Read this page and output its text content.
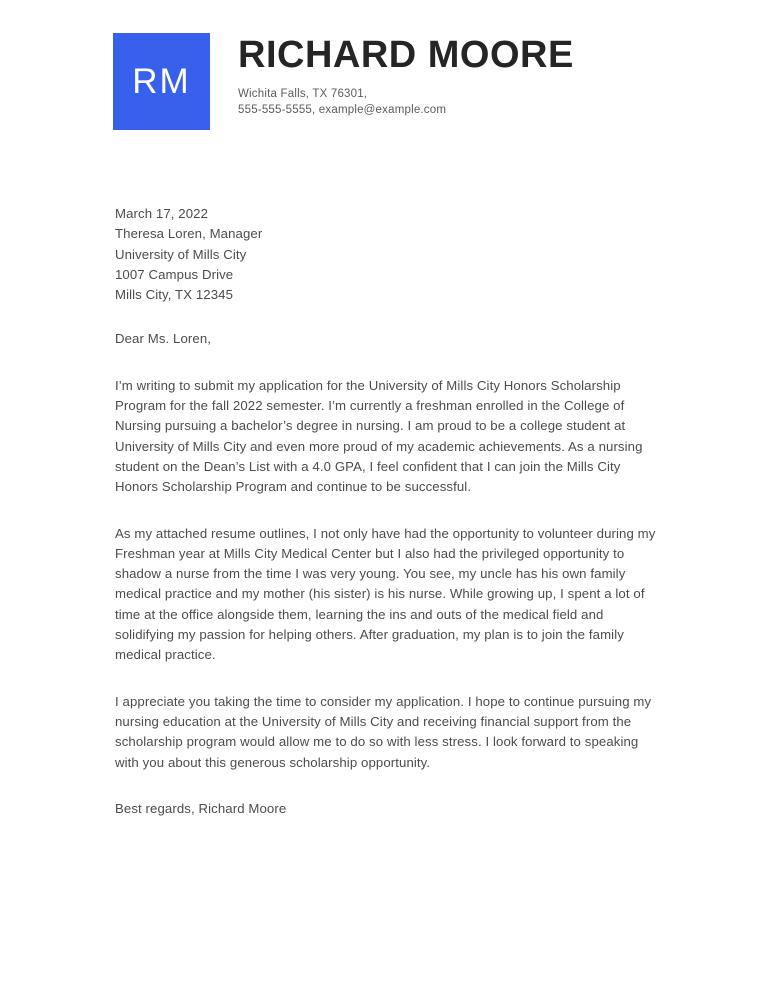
RM
RICHARD MOORE
Wichita Falls, TX 76301,
555-555-5555, example@example.com
March 17, 2022
Theresa Loren, Manager
University of Mills City
1007 Campus Drive
Mills City, TX 12345
Dear Ms. Loren,

I’m writing to submit my application for the University of Mills City Honors Scholarship Program for the fall 2022 semester. I’m currently a freshman enrolled in the College of Nursing pursuing a bachelor’s degree in nursing. I am proud to be a college student at University of Mills City and even more proud of my academic achievements. As a nursing student on the Dean’s List with a 4.0 GPA, I feel confident that I can join the Mills City Honors Scholarship Program and continue to be successful.

As my attached resume outlines, I not only have had the opportunity to volunteer during my Freshman year at Mills City Medical Center but I also had the privileged opportunity to shadow a nurse from the time I was very young. You see, my uncle has his own family medical practice and my mother (his sister) is his nurse. While growing up, I spent a lot of time at the office alongside them, learning the ins and outs of the medical field and solidifying my passion for helping others. After graduation, my plan is to join the family medical practice.

I appreciate you taking the time to consider my application. I hope to continue pursuing my nursing education at the University of Mills City and receiving financial support from the scholarship program would allow me to do so with less stress. I look forward to speaking with you about this generous scholarship opportunity.

Best regards, Richard Moore
